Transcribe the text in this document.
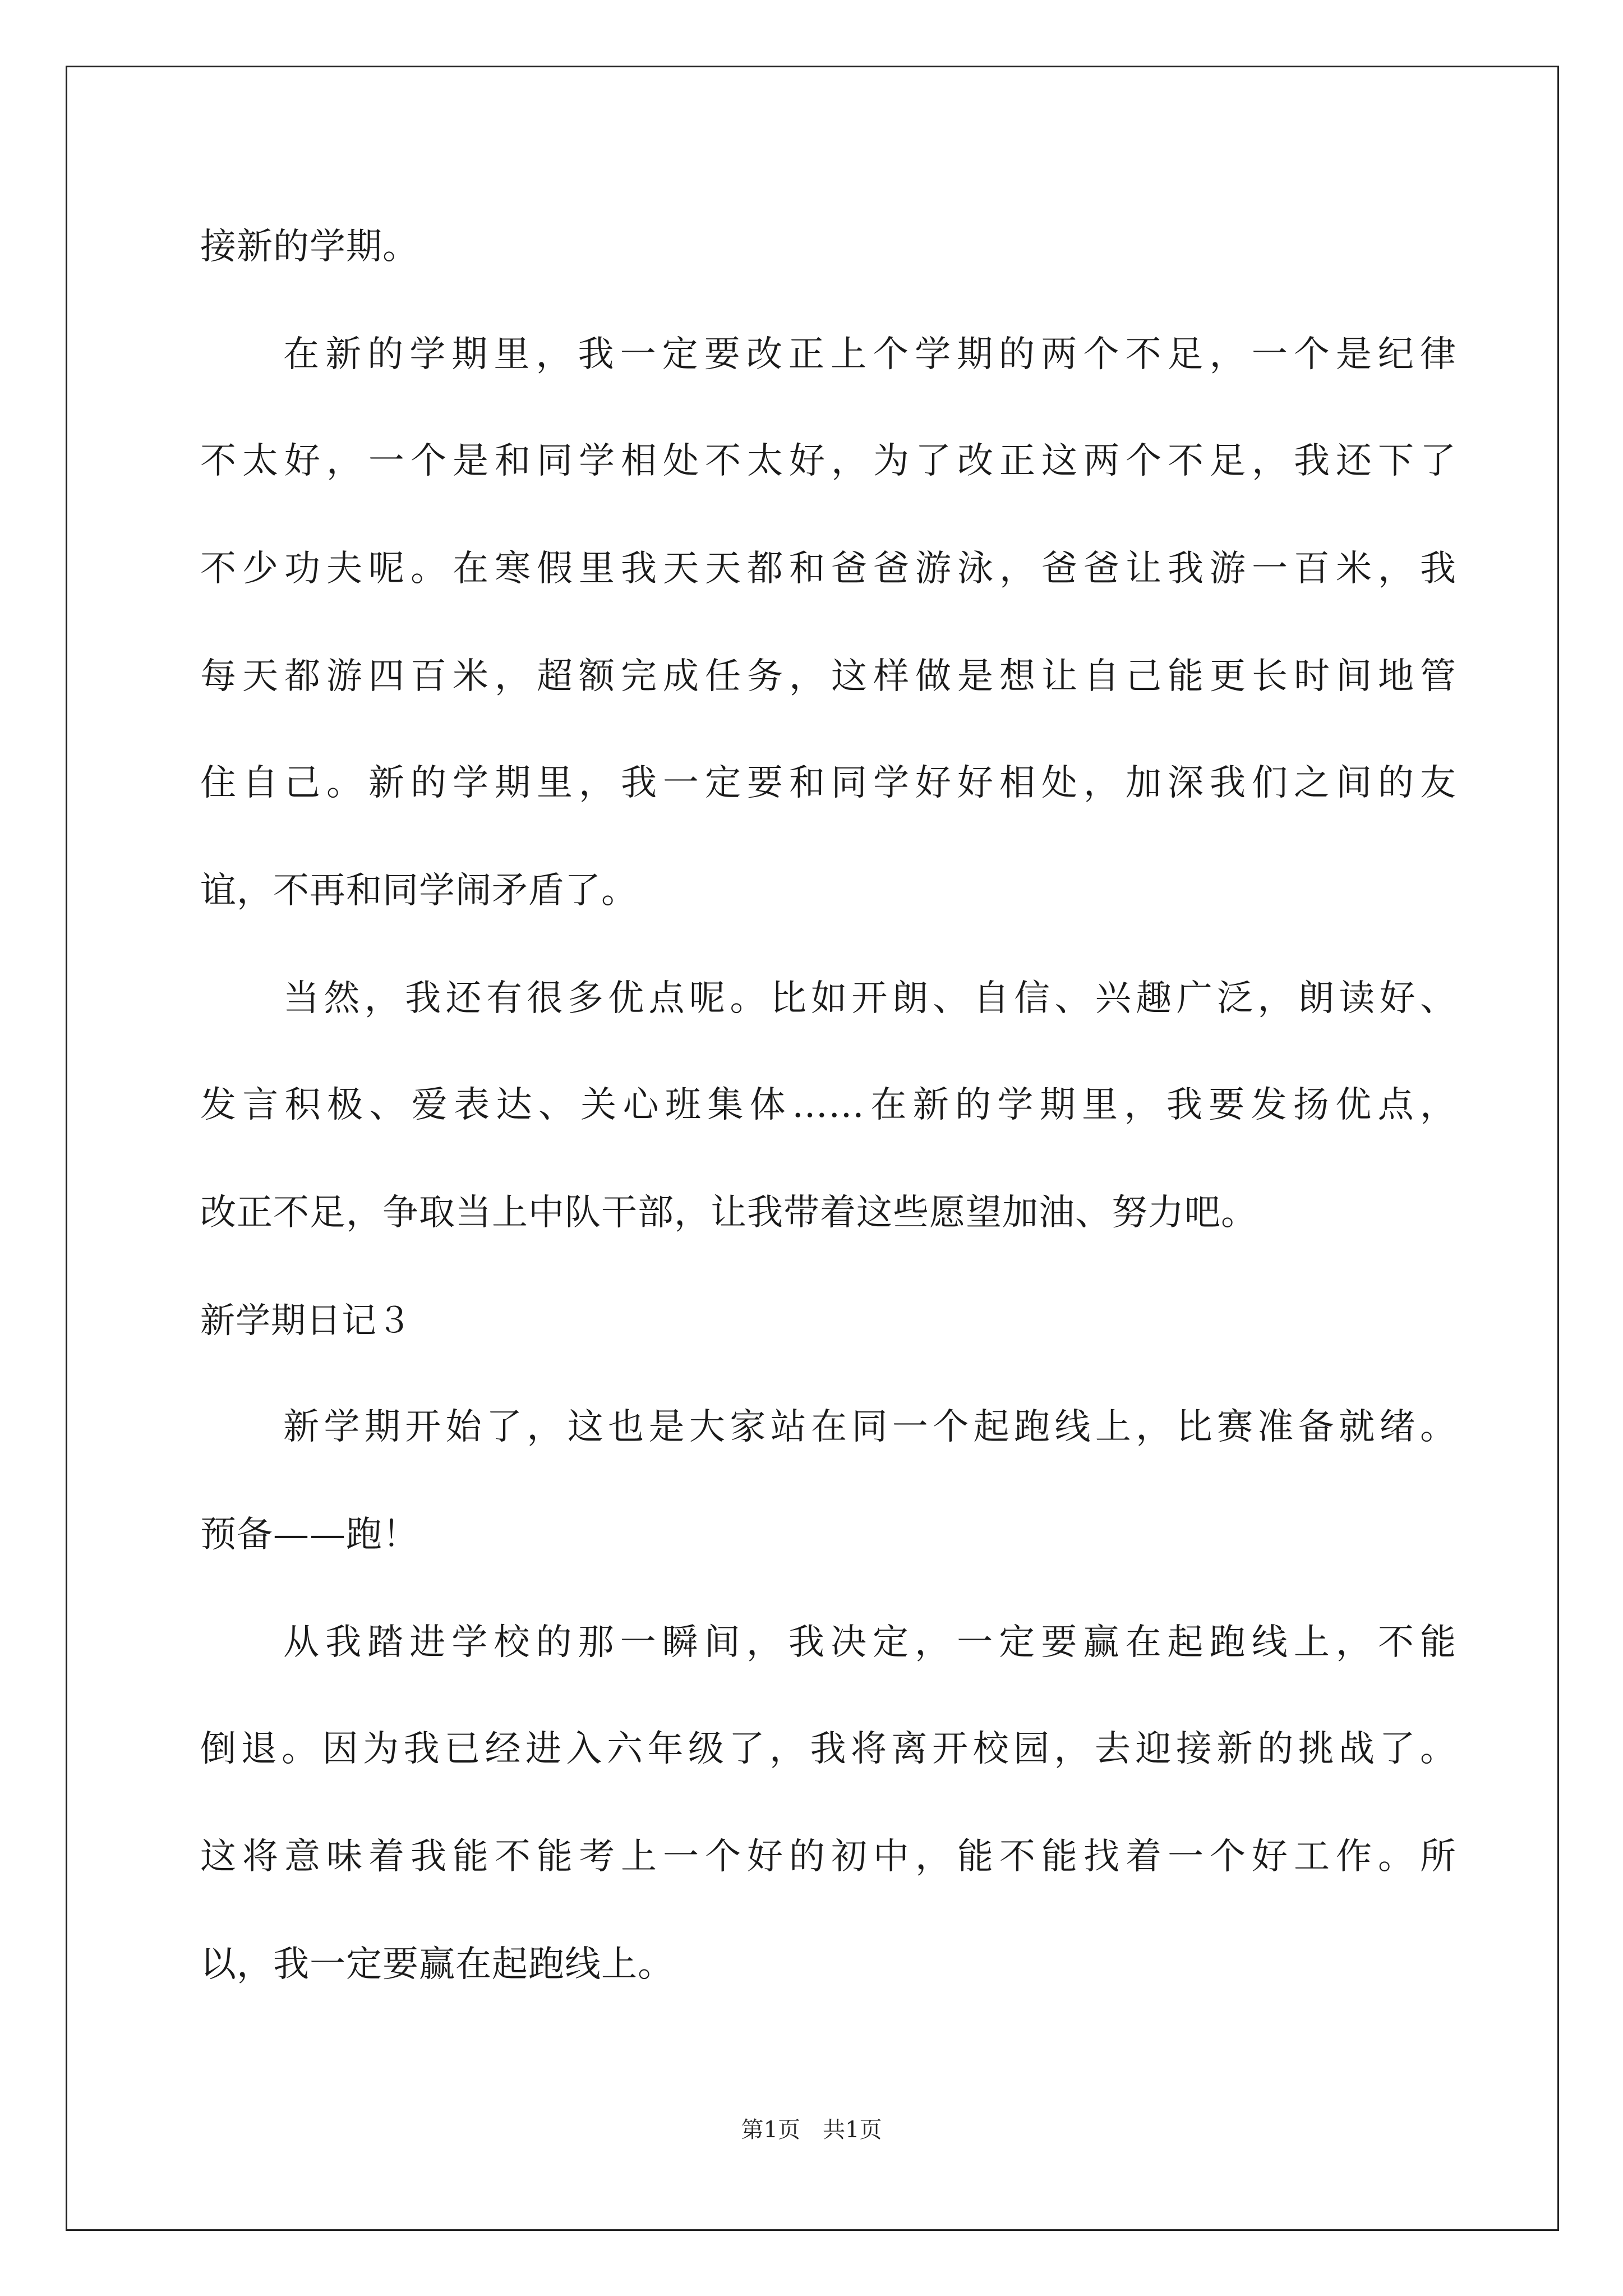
接新的学期。
在新的学期里，我一定要改正上个学期的两个不足，一个是纪律
不太好，一个是和同学相处不太好，为了改正这两个不足，我还下了
不少功夫呢。在寒假里我天天都和爸爸游泳，爸爸让我游一百米，我
每天都游四百米，超额完成任务，这样做是想让自己能更长时间地管
住自己。新的学期里，我一定要和同学好好相处，加深我们之间的友
谊，不再和同学闹矛盾了。
当然，我还有很多优点呢。比如开朗、自信、兴趣广泛，朗读好、
发言积极、爱表达、关心班集体……在新的学期里，我要发扬优点，
改正不足，争取当上中队干部，让我带着这些愿望加油、努力吧。
新学期日记３
新学期开始了，这也是大家站在同一个起跑线上，比赛准备就绪。
预备——跑！
从我踏进学校的那一瞬间，我决定，一定要赢在起跑线上，不能
倒退。因为我已经进入六年级了，我将离开校园，去迎接新的挑战了。
这将意味着我能不能考上一个好的初中，能不能找着一个好工作。所
以，我一定要赢在起跑线上。
第1页　共1页
